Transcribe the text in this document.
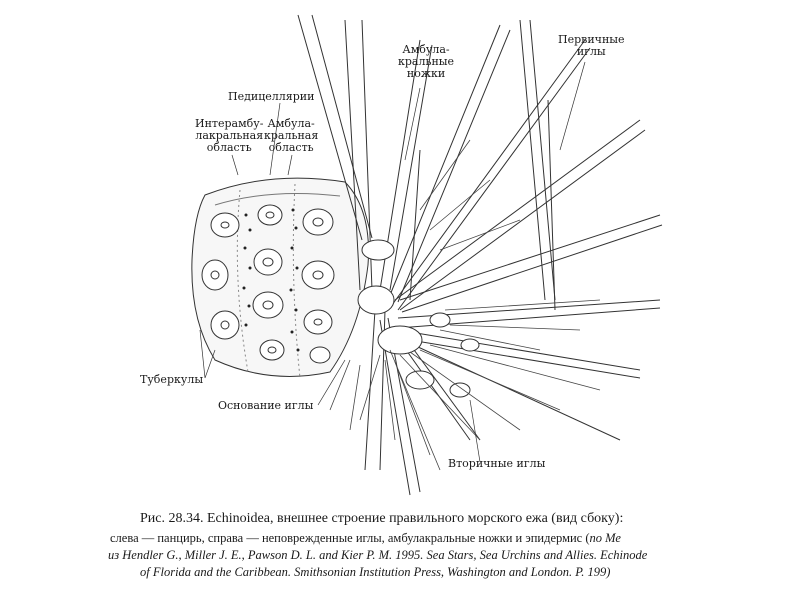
Амбула-
кральные
ножки
Первичные
иглы
Педицеллярии
Интерамбу-
лакральная
область
Амбула-
кральная
область
Туберкулы
Основание иглы
Вторичные иглы
Рис. 28.34. Echinoidea, внешнее строение правильного морского ежа (вид сбоку):
слева — панцирь, справа — неповрежденные иглы, амбулакральные ножки и эпидермис (по Ме
из Hendler G., Miller J. E., Pawson D. L. and Kier P. M. 1995. Sea Stars, Sea Urchins and Allies. Echinode
of Florida and the Caribbean. Smithsonian Institution Press, Washington and London. P. 199)
